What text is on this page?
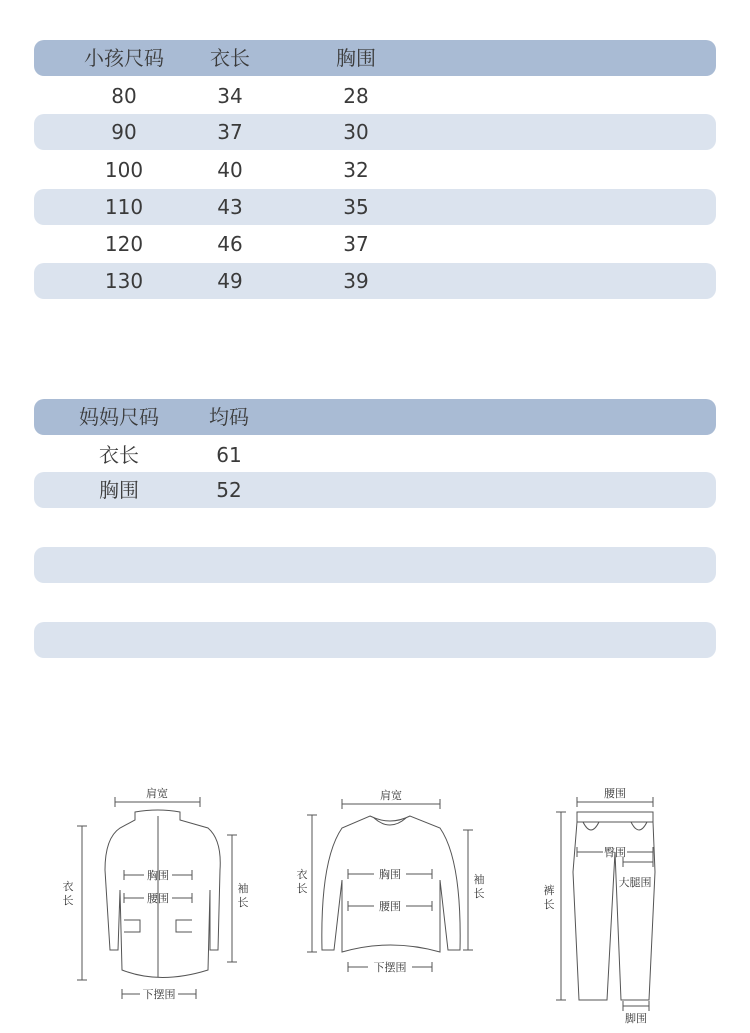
小孩尺码	衣长	胸围
80	34	28
90	37	30
100	40	32
110	43	35
120	46	37
130	49	39
妈妈尺码	均码
衣长	61
胸围	52
肩宽
衣
长
胸围
腰围
袖
长
下摆围
肩宽
衣
长
胸围
腰围
袖
长
下摆围
腰围
臀围
大腿围
裤
长
脚围
